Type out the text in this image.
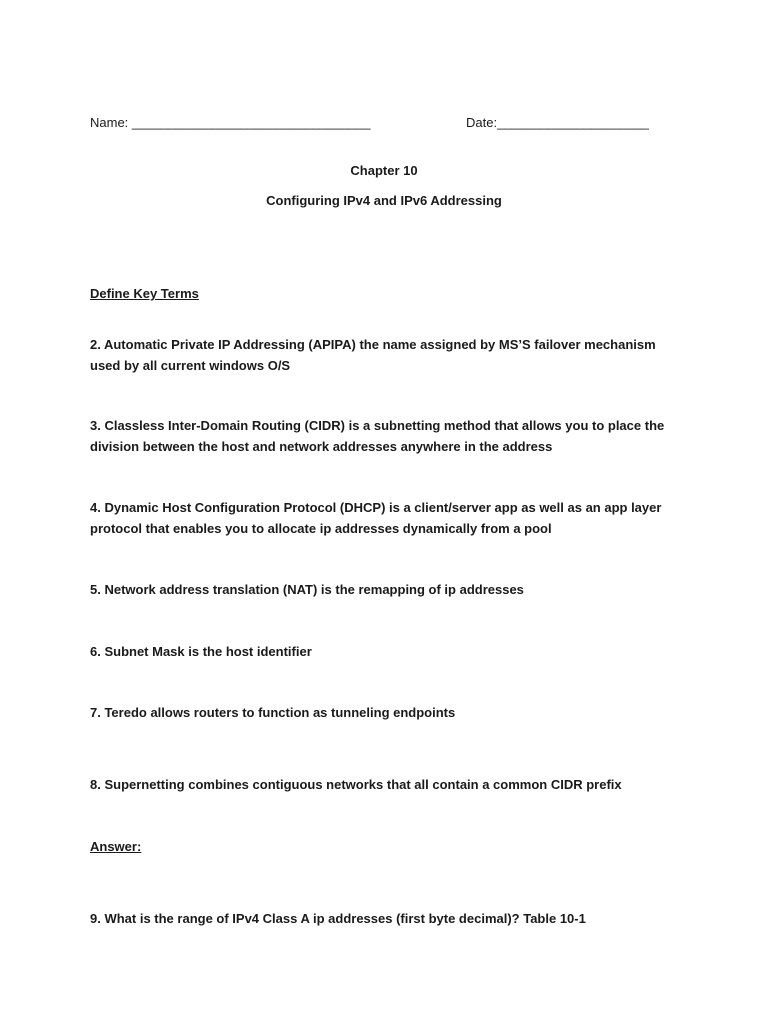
Name: _________________________________	Date:_____________________
Chapter 10
Configuring IPv4 and IPv6 Addressing
Define Key Terms
2. Automatic Private IP Addressing (APIPA) the name assigned by MS’S failover mechanism used by all current windows O/S
3. Classless Inter-Domain Routing (CIDR) is a subnetting method that allows you to place the division between the host and network addresses anywhere in the address
4. Dynamic Host Configuration Protocol (DHCP) is a client/server app as well as an app layer protocol that enables you to allocate ip addresses dynamically from a pool
5. Network address translation (NAT) is the remapping of ip addresses
6. Subnet Mask is the host identifier
7. Teredo allows routers to function as tunneling endpoints
8. Supernetting combines contiguous networks that all contain a common CIDR prefix
Answer:
9. What is the range of IPv4 Class A ip addresses (first byte decimal)? Table 10-1
